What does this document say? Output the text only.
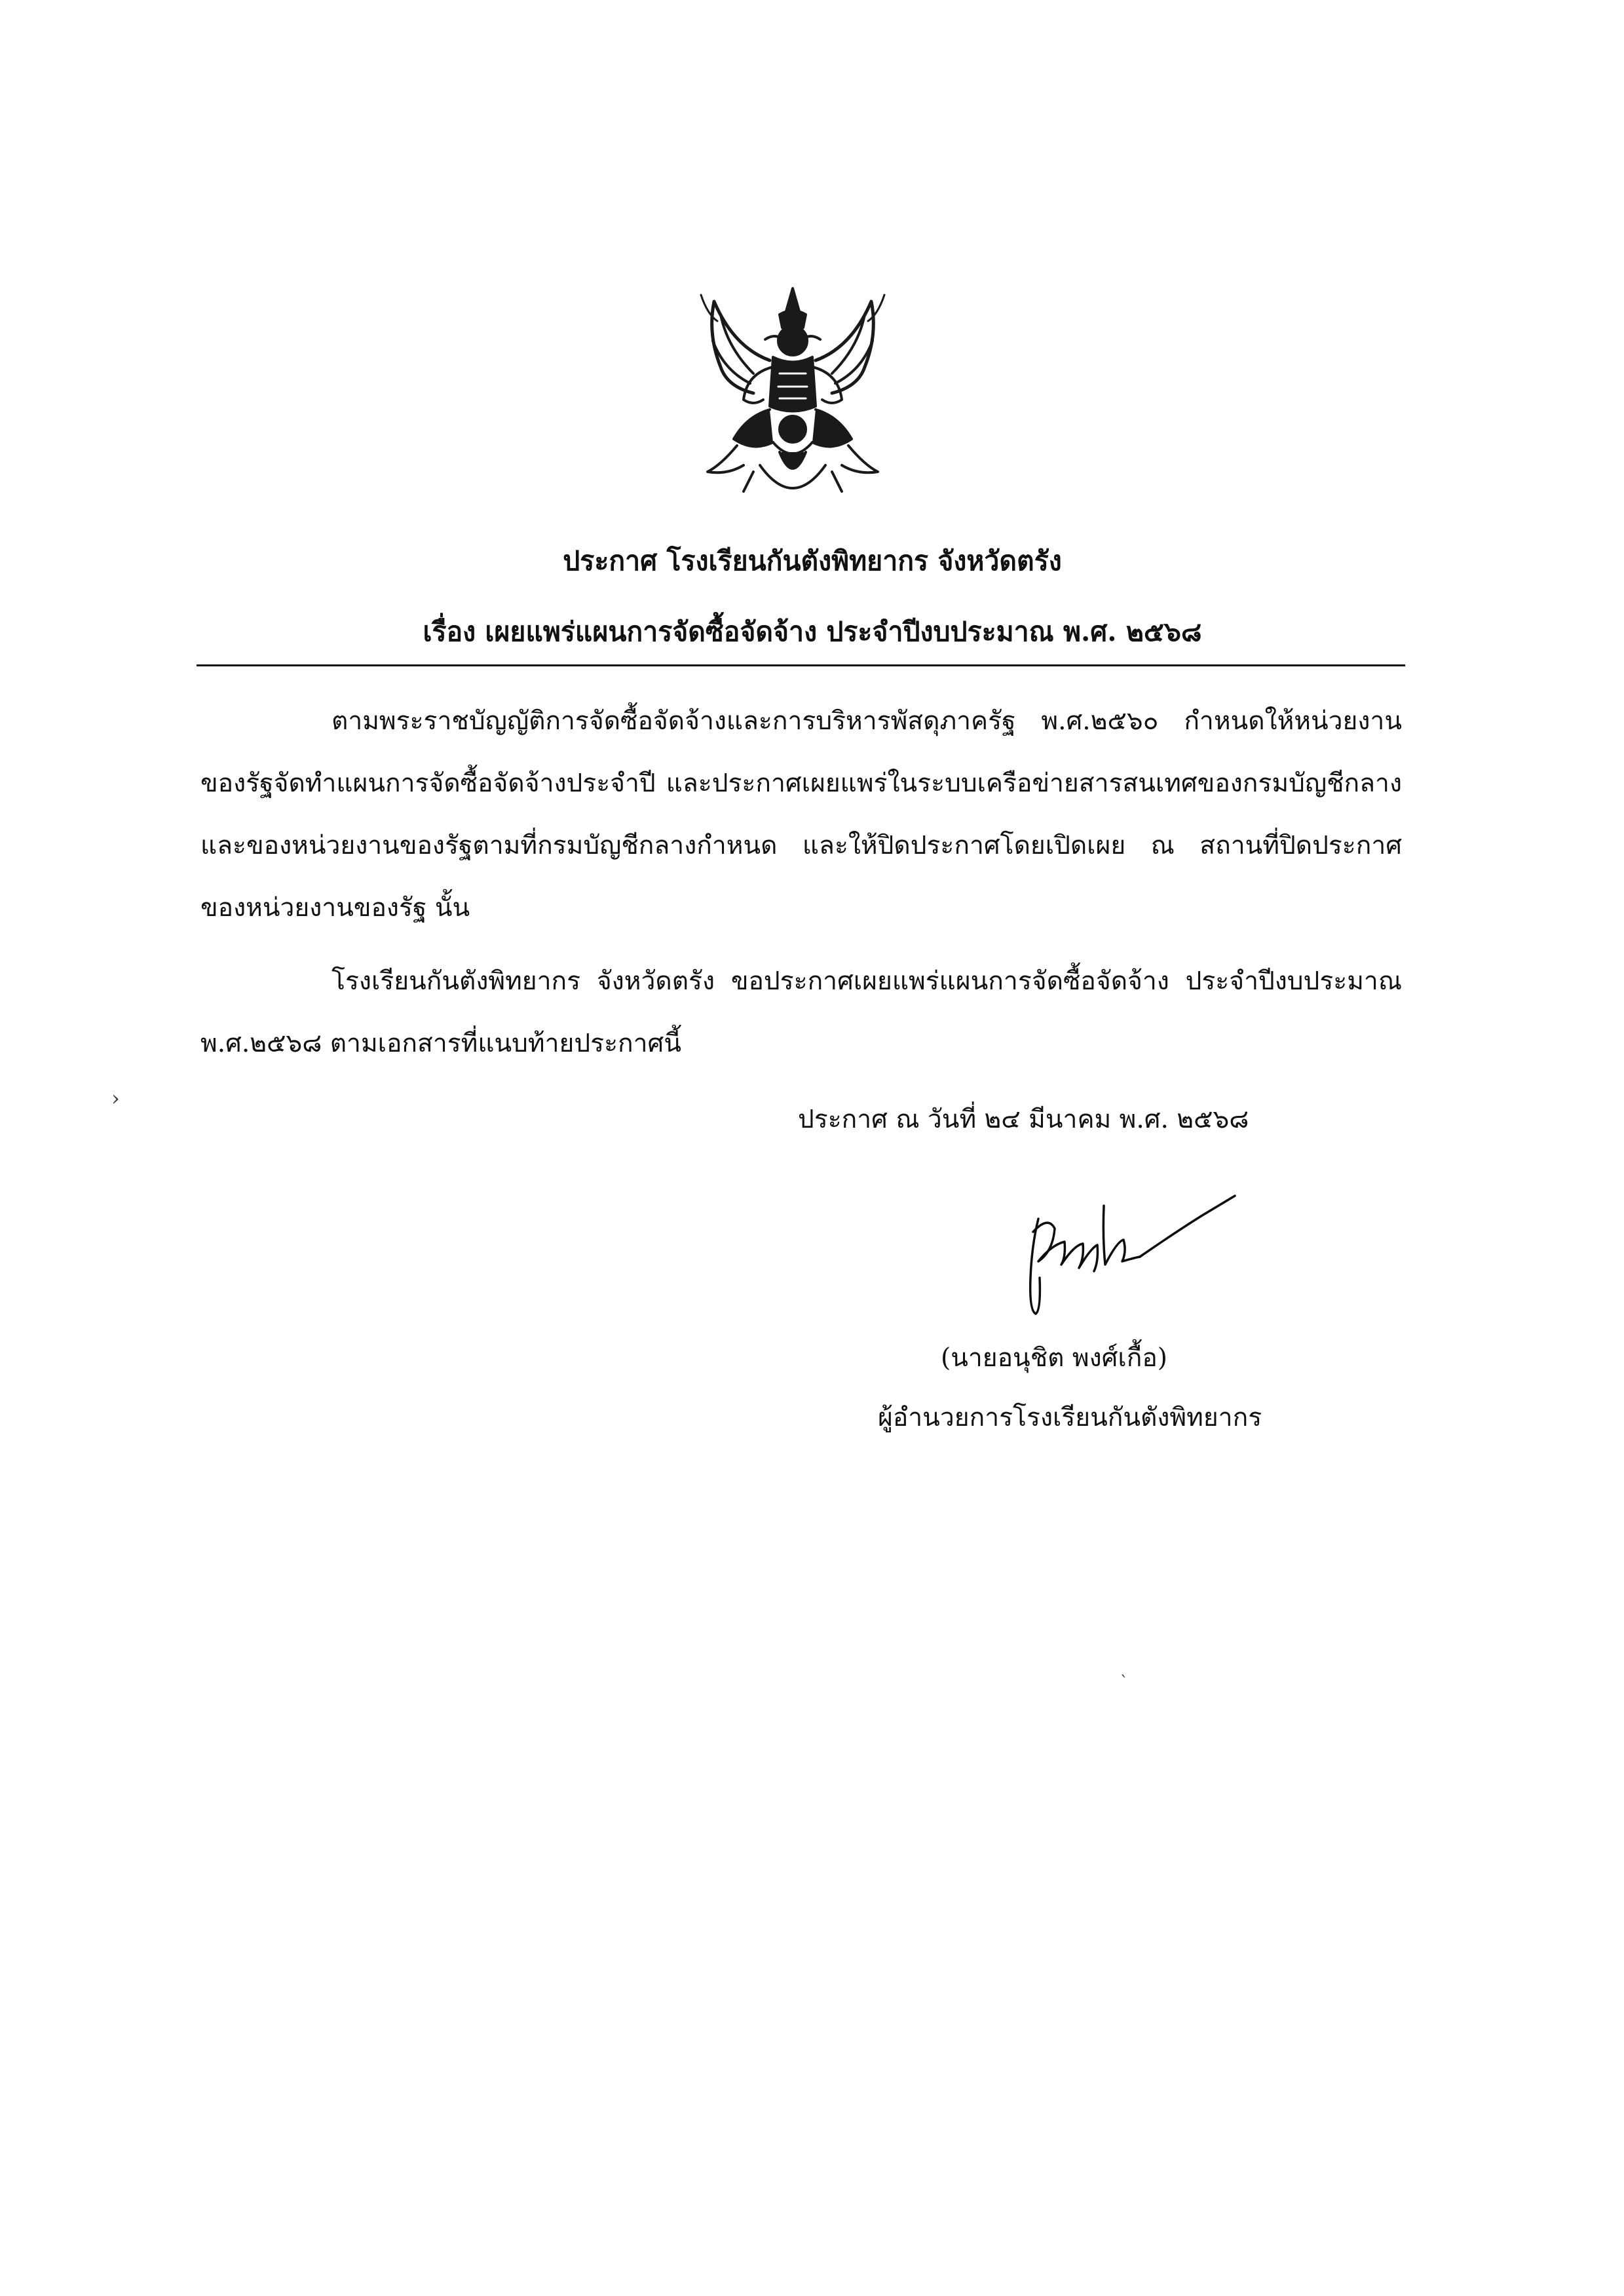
ประกาศ โรงเรียนกันตังพิทยากร จังหวัดตรัง
เรื่อง เผยแพร่แผนการจัดซื้อจัดจ้าง ประจำปีงบประมาณ พ.ศ. ๒๕๖๘
ตามพระราชบัญญัติการจัดซื้อจัดจ้างและการบริหารพัสดุภาครัฐ พ.ศ.๒๕๖๐ กำหนดให้หน่วยงาน
ของรัฐจัดทำแผนการจัดซื้อจัดจ้างประจำปี และประกาศเผยแพร่ในระบบเครือข่ายสารสนเทศของกรมบัญชีกลาง
และของหน่วยงานของรัฐตามที่กรมบัญชีกลางกำหนด และให้ปิดประกาศโดยเปิดเผย ณ สถานที่ปิดประกาศ
ของหน่วยงานของรัฐ นั้น
โรงเรียนกันตังพิทยากร จังหวัดตรัง ขอประกาศเผยแพร่แผนการจัดซื้อจัดจ้าง ประจำปีงบประมาณ
พ.ศ.๒๕๖๘ ตามเอกสารที่แนบท้ายประกาศนี้
ประกาศ ณ วันที่ ๒๔ มีนาคม พ.ศ. ๒๕๖๘
(นายอนุชิต พงศ์เกื้อ)
ผู้อำนวยการโรงเรียนกันตังพิทยากร
›
ˋ
